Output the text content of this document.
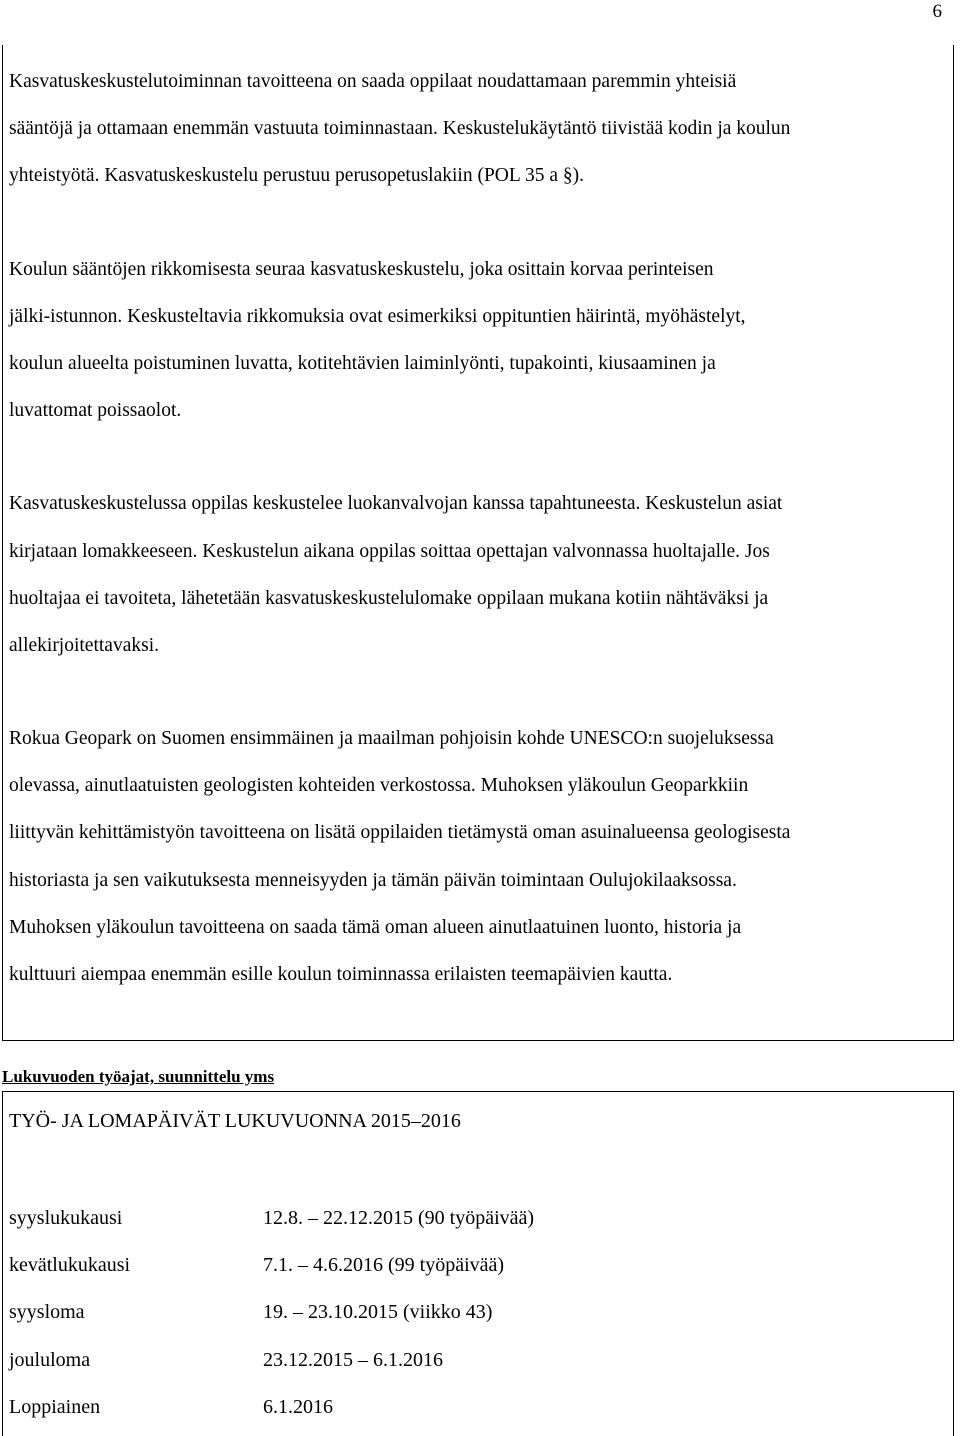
6

Kasvatuskeskustelutoiminnan tavoitteena on saada oppilaat noudattamaan paremmin yhteisiä
sääntöjä ja ottamaan enemmän vastuuta toiminnastaan. Keskustelukäytäntö tiivistää kodin ja koulun
yhteistyötä. Kasvatuskeskustelu perustuu perusopetuslakiin (POL 35 a §).

Koulun sääntöjen rikkomisesta seuraa kasvatuskeskustelu, joka osittain korvaa perinteisen
jälki-istunnon. Keskusteltavia rikkomuksia ovat esimerkiksi oppituntien häirintä, myöhästelyt,
koulun alueelta poistuminen luvatta, kotitehtävien laiminlyönti, tupakointi, kiusaaminen ja
luvattomat poissaolot.

Kasvatuskeskustelussa oppilas keskustelee luokanvalvojan kanssa tapahtuneesta. Keskustelun asiat
kirjataan lomakkeeseen. Keskustelun aikana oppilas soittaa opettajan valvonnassa huoltajalle. Jos
huoltajaa ei tavoiteta, lähetetään kasvatuskeskustelulomake oppilaan mukana kotiin nähtäväksi ja
allekirjoitettavaksi.

Rokua Geopark on Suomen ensimmäinen ja maailman pohjoisin kohde UNESCO:n suojeluksessa
olevassa, ainutlaatuisten geologisten kohteiden verkostossa. Muhoksen yläkoulun Geoparkkiin
liittyvän kehittämistyön tavoitteena on lisätä oppilaiden tietämystä oman asuinalueensa geologisesta
historiasta ja sen vaikutuksesta menneisyyden ja tämän päivän toimintaan Oulujokilaaksossa.
Muhoksen yläkoulun tavoitteena on saada tämä oman alueen ainutlaatuinen luonto, historia ja
kulttuuri aiempaa enemmän esille koulun toiminnassa erilaisten teemapäivien kautta.

Lukuvuoden työajat, suunnittelu yms
TYÖ- JA LOMAPÄIVÄT LUKUVUONNA 2015–2016
syyslukukausi	12.8. – 22.12.2015 (90 työpäivää)
kevätlukukausi	7.1. – 4.6.2016 (99 työpäivää)
syysloma	19. – 23.10.2015 (viikko 43)
joululoma	23.12.2015 – 6.1.2016
Loppiainen	6.1.2016
